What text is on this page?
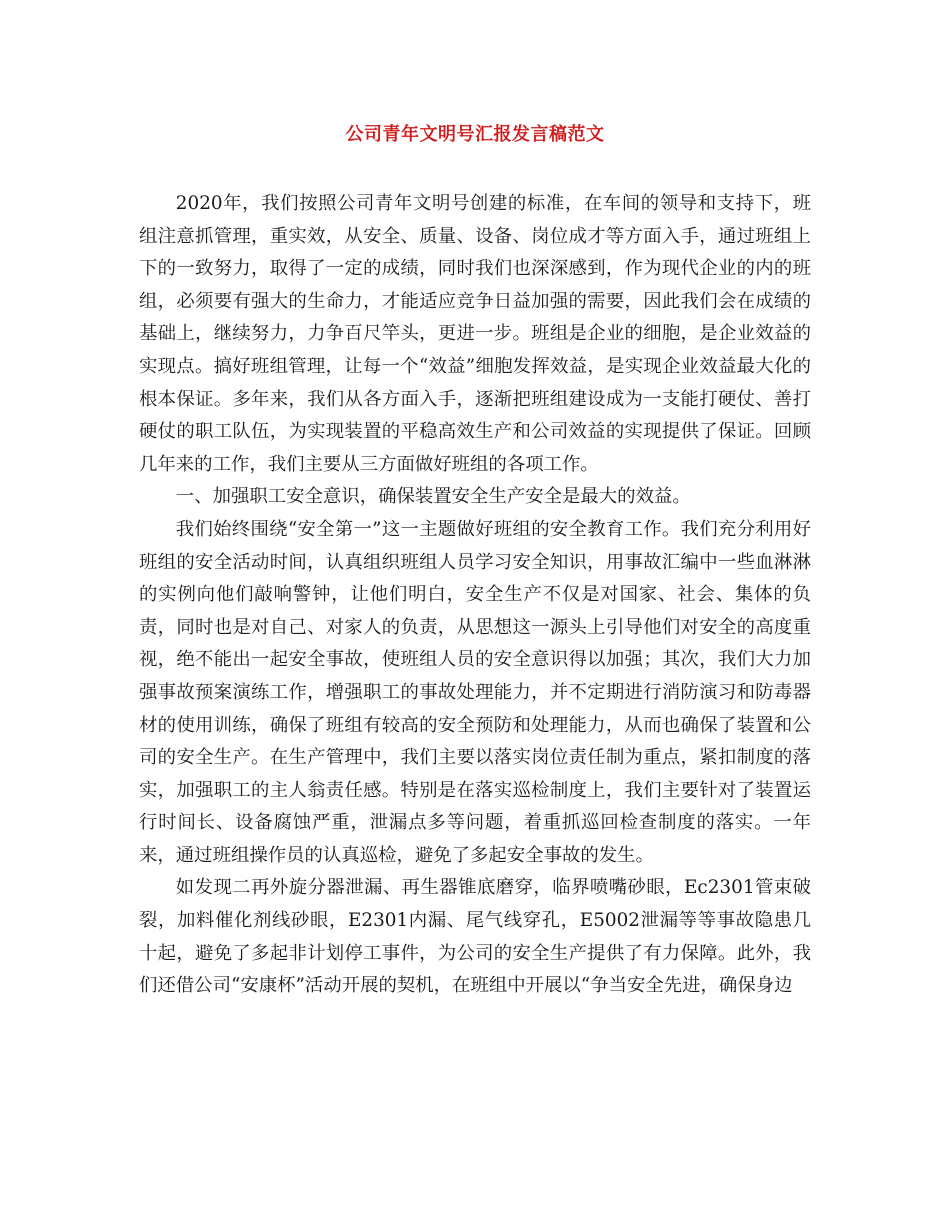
公司青年文明号汇报发言稿范文

2020年，我们按照公司青年文明号创建的标准，在车间的领导和支持下，班组注意抓管理，重实效，从安全、质量、设备、岗位成才等方面入手，通过班组上下的一致努力，取得了一定的成绩，同时我们也深深感到，作为现代企业的内的班组，必须要有强大的生命力，才能适应竞争日益加强的需要，因此我们会在成绩的基础上，继续努力，力争百尺竿头，更进一步。班组是企业的细胞，是企业效益的实现点。搞好班组管理，让每一个“效益”细胞发挥效益，是实现企业效益最大化的根本保证。多年来，我们从各方面入手，逐渐把班组建设成为一支能打硬仗、善打硬仗的职工队伍，为实现装置的平稳高效生产和公司效益的实现提供了保证。回顾几年来的工作，我们主要从三方面做好班组的各项工作。

一、加强职工安全意识，确保装置安全生产安全是最大的效益。

我们始终围绕“安全第一”这一主题做好班组的安全教育工作。我们充分利用好班组的安全活动时间，认真组织班组人员学习安全知识，用事故汇编中一些血淋淋的实例向他们敲响警钟，让他们明白，安全生产不仅是对国家、社会、集体的负责，同时也是对自己、对家人的负责，从思想这一源头上引导他们对安全的高度重视，绝不能出一起安全事故，使班组人员的安全意识得以加强；其次，我们大力加强事故预案演练工作，增强职工的事故处理能力，并不定期进行消防演习和防毒器材的使用训练，确保了班组有较高的安全预防和处理能力，从而也确保了装置和公司的安全生产。在生产管理中，我们主要以落实岗位责任制为重点，紧扣制度的落实，加强职工的主人翁责任感。特别是在落实巡检制度上，我们主要针对了装置运行时间长、设备腐蚀严重，泄漏点多等问题，着重抓巡回检查制度的落实。一年来，通过班组操作员的认真巡检，避免了多起安全事故的发生。

如发现二再外旋分器泄漏、再生器锥底磨穿，临界喷嘴砂眼，Ec2301管束破裂，加料催化剂线砂眼，E2301内漏、尾气线穿孔，E5002泄漏等等事故隐患几十起，避免了多起非计划停工事件，为公司的安全生产提供了有力保障。此外，我们还借公司“安康杯”活动开展的契机，在班组中开展以“争当安全先进，确保身边
